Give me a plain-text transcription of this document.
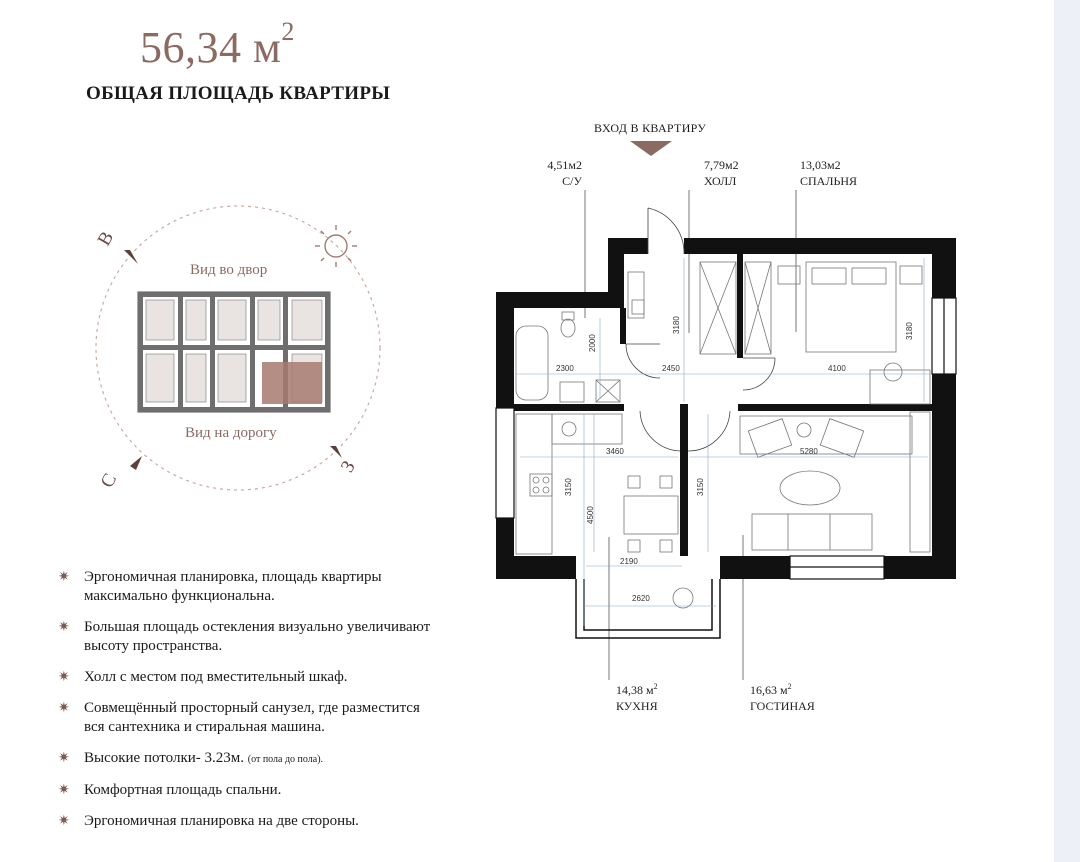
56,34 $м^2$
ОБЩАЯ ПЛОЩАДЬ КВАРТИРЫ
ВХОД В КВАРТИРУ
4,51м2
С/У
7,79м2
ХОЛЛ
13,03м2
СПАЛЬНЯ
14,38 $м^2$
КУХНЯ
16,63 $м^2$
ГОСТИНАЯ
2300	2450	4100
3460	5280
2190
2620
2000
3180	3180
3150
4500
3150
Вид во двор
Вид на дорогу
В
С
З
✷ Эргономичная планировка, площадь квартиры максимально функциональна.
✷ Большая площадь остекления визуально увеличивают высоту пространства.
✷ Холл с местом под вместительный шкаф.
✷ Совмещённый просторный санузел, где разместится вся сантехника и стиральная машина.
✷ Высокие потолки- 3.23м. (от пола до пола).
✷ Комфортная площадь спальни.
✷ Эргономичная планировка на две стороны.
